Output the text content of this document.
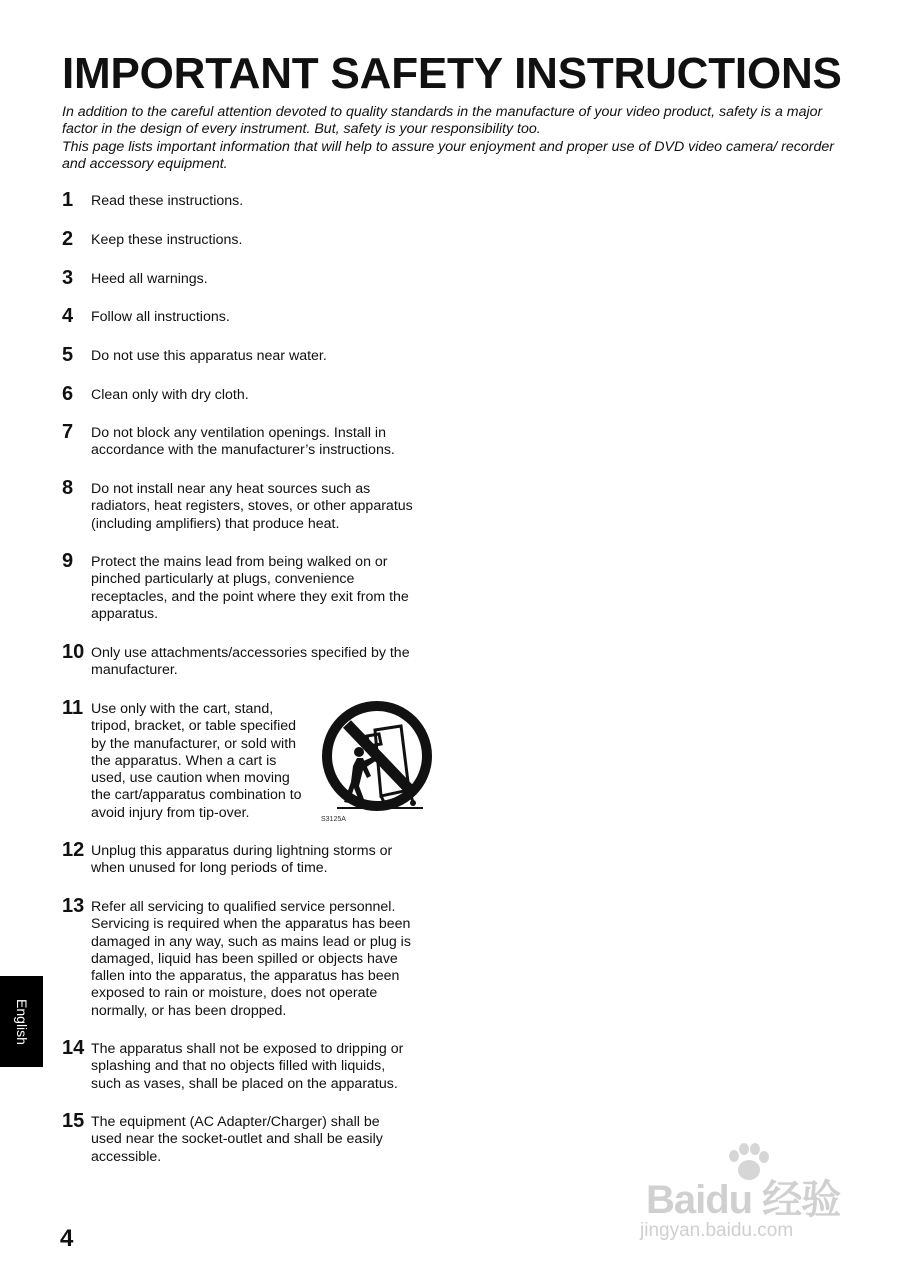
IMPORTANT SAFETY INSTRUCTIONS

In addition to the careful attention devoted to quality standards in the manufacture of your video product, safety is a major factor in the design of every instrument. But, safety is your responsibility too.

This page lists important information that will help to assure your enjoyment and proper use of DVD video camera/ recorder and accessory equipment.

1 Read these instructions.
2 Keep these instructions.
3 Heed all warnings.
4 Follow all instructions.
5 Do not use this apparatus near water.
6 Clean only with dry cloth.
7 Do not block any ventilation openings. Install in
accordance with the manufacturer’s instructions.
8 Do not install near any heat sources such as
radiators, heat registers, stoves, or other apparatus
(including amplifiers) that produce heat.
9 Protect the mains lead from being walked on or
pinched particularly at plugs, convenience
receptacles, and the point where they exit from the
apparatus.
10 Only use attachments/accessories specified by the
manufacturer.
11 Use only with the cart, stand,
tripod, bracket, or table specified
by the manufacturer, or sold with
the apparatus. When a cart is
used, use caution when moving
the cart/apparatus combination to
avoid injury from tip-over.
12 Unplug this apparatus during lightning storms or
when unused for long periods of time.
13 Refer all servicing to qualified service personnel.
Servicing is required when the apparatus has been
damaged in any way, such as mains lead or plug is
damaged, liquid has been spilled or objects have
fallen into the apparatus, the apparatus has been
exposed to rain or moisture, does not operate
normally, or has been dropped.
14 The apparatus shall not be exposed to dripping or
splashing and that no objects filled with liquids,
such as vases, shall be placed on the apparatus.
15 The equipment (AC Adapter/Charger) shall be
used near the socket-outlet and shall be easily
accessible.
S3125A
English
4
Baidu 经验
jingyan.baidu.com
